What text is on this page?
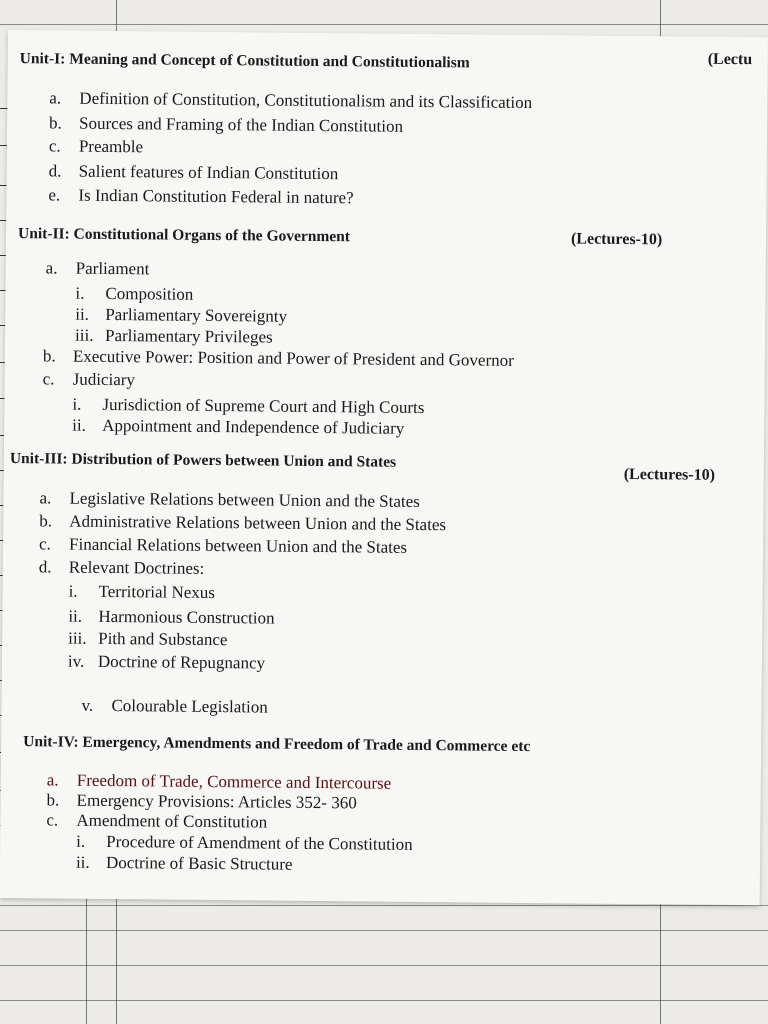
Unit-I: Meaning and Concept of Constitution and Constitutionalism	(Lectu
a. Definition of Constitution, Constitutionalism and its Classification
b. Sources and Framing of the Indian Constitution
c. Preamble
d. Salient features of Indian Constitution
e. Is Indian Constitution Federal in nature?
Unit-II: Constitutional Organs of the Government	(Lectures-10)
a. Parliament
i. Composition
ii. Parliamentary Sovereignty
iii. Parliamentary Privileges
b. Executive Power: Position and Power of President and Governor
c. Judiciary
i. Jurisdiction of Supreme Court and High Courts
ii. Appointment and Independence of Judiciary
Unit-III: Distribution of Powers between Union and States
(Lectures-10)
a. Legislative Relations between Union and the States
b. Administrative Relations between Union and the States
c. Financial Relations between Union and the States
d. Relevant Doctrines:
i. Territorial Nexus
ii. Harmonious Construction
iii. Pith and Substance
iv. Doctrine of Repugnancy
v. Colourable Legislation
Unit-IV: Emergency, Amendments and Freedom of Trade and Commerce etc
a. Freedom of Trade, Commerce and Intercourse
b. Emergency Provisions: Articles 352- 360
c. Amendment of Constitution
i. Procedure of Amendment of the Constitution
ii. Doctrine of Basic Structure
